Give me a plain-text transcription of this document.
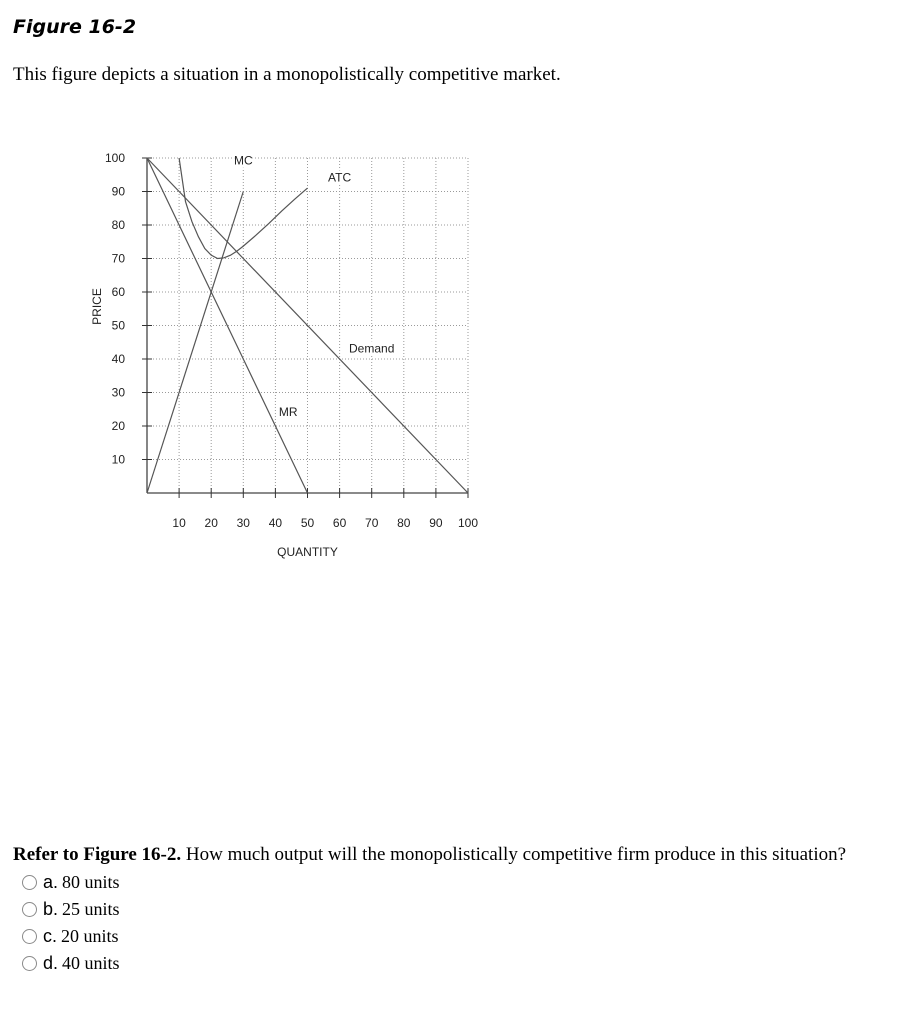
Figure 16-2

This figure depicts a situation in a monopolistically competitive market.

10
20
30
40
50
60
70
80
90
100
10 20 30 40 50 60 70 80 90 100
QUANTITY
PRICE
MC
ATC
Demand
MR

Refer to Figure 16-2. How much output will the monopolistically competitive firm produce in this situation?

a. 80 units
b. 25 units
c. 20 units
d. 40 units
